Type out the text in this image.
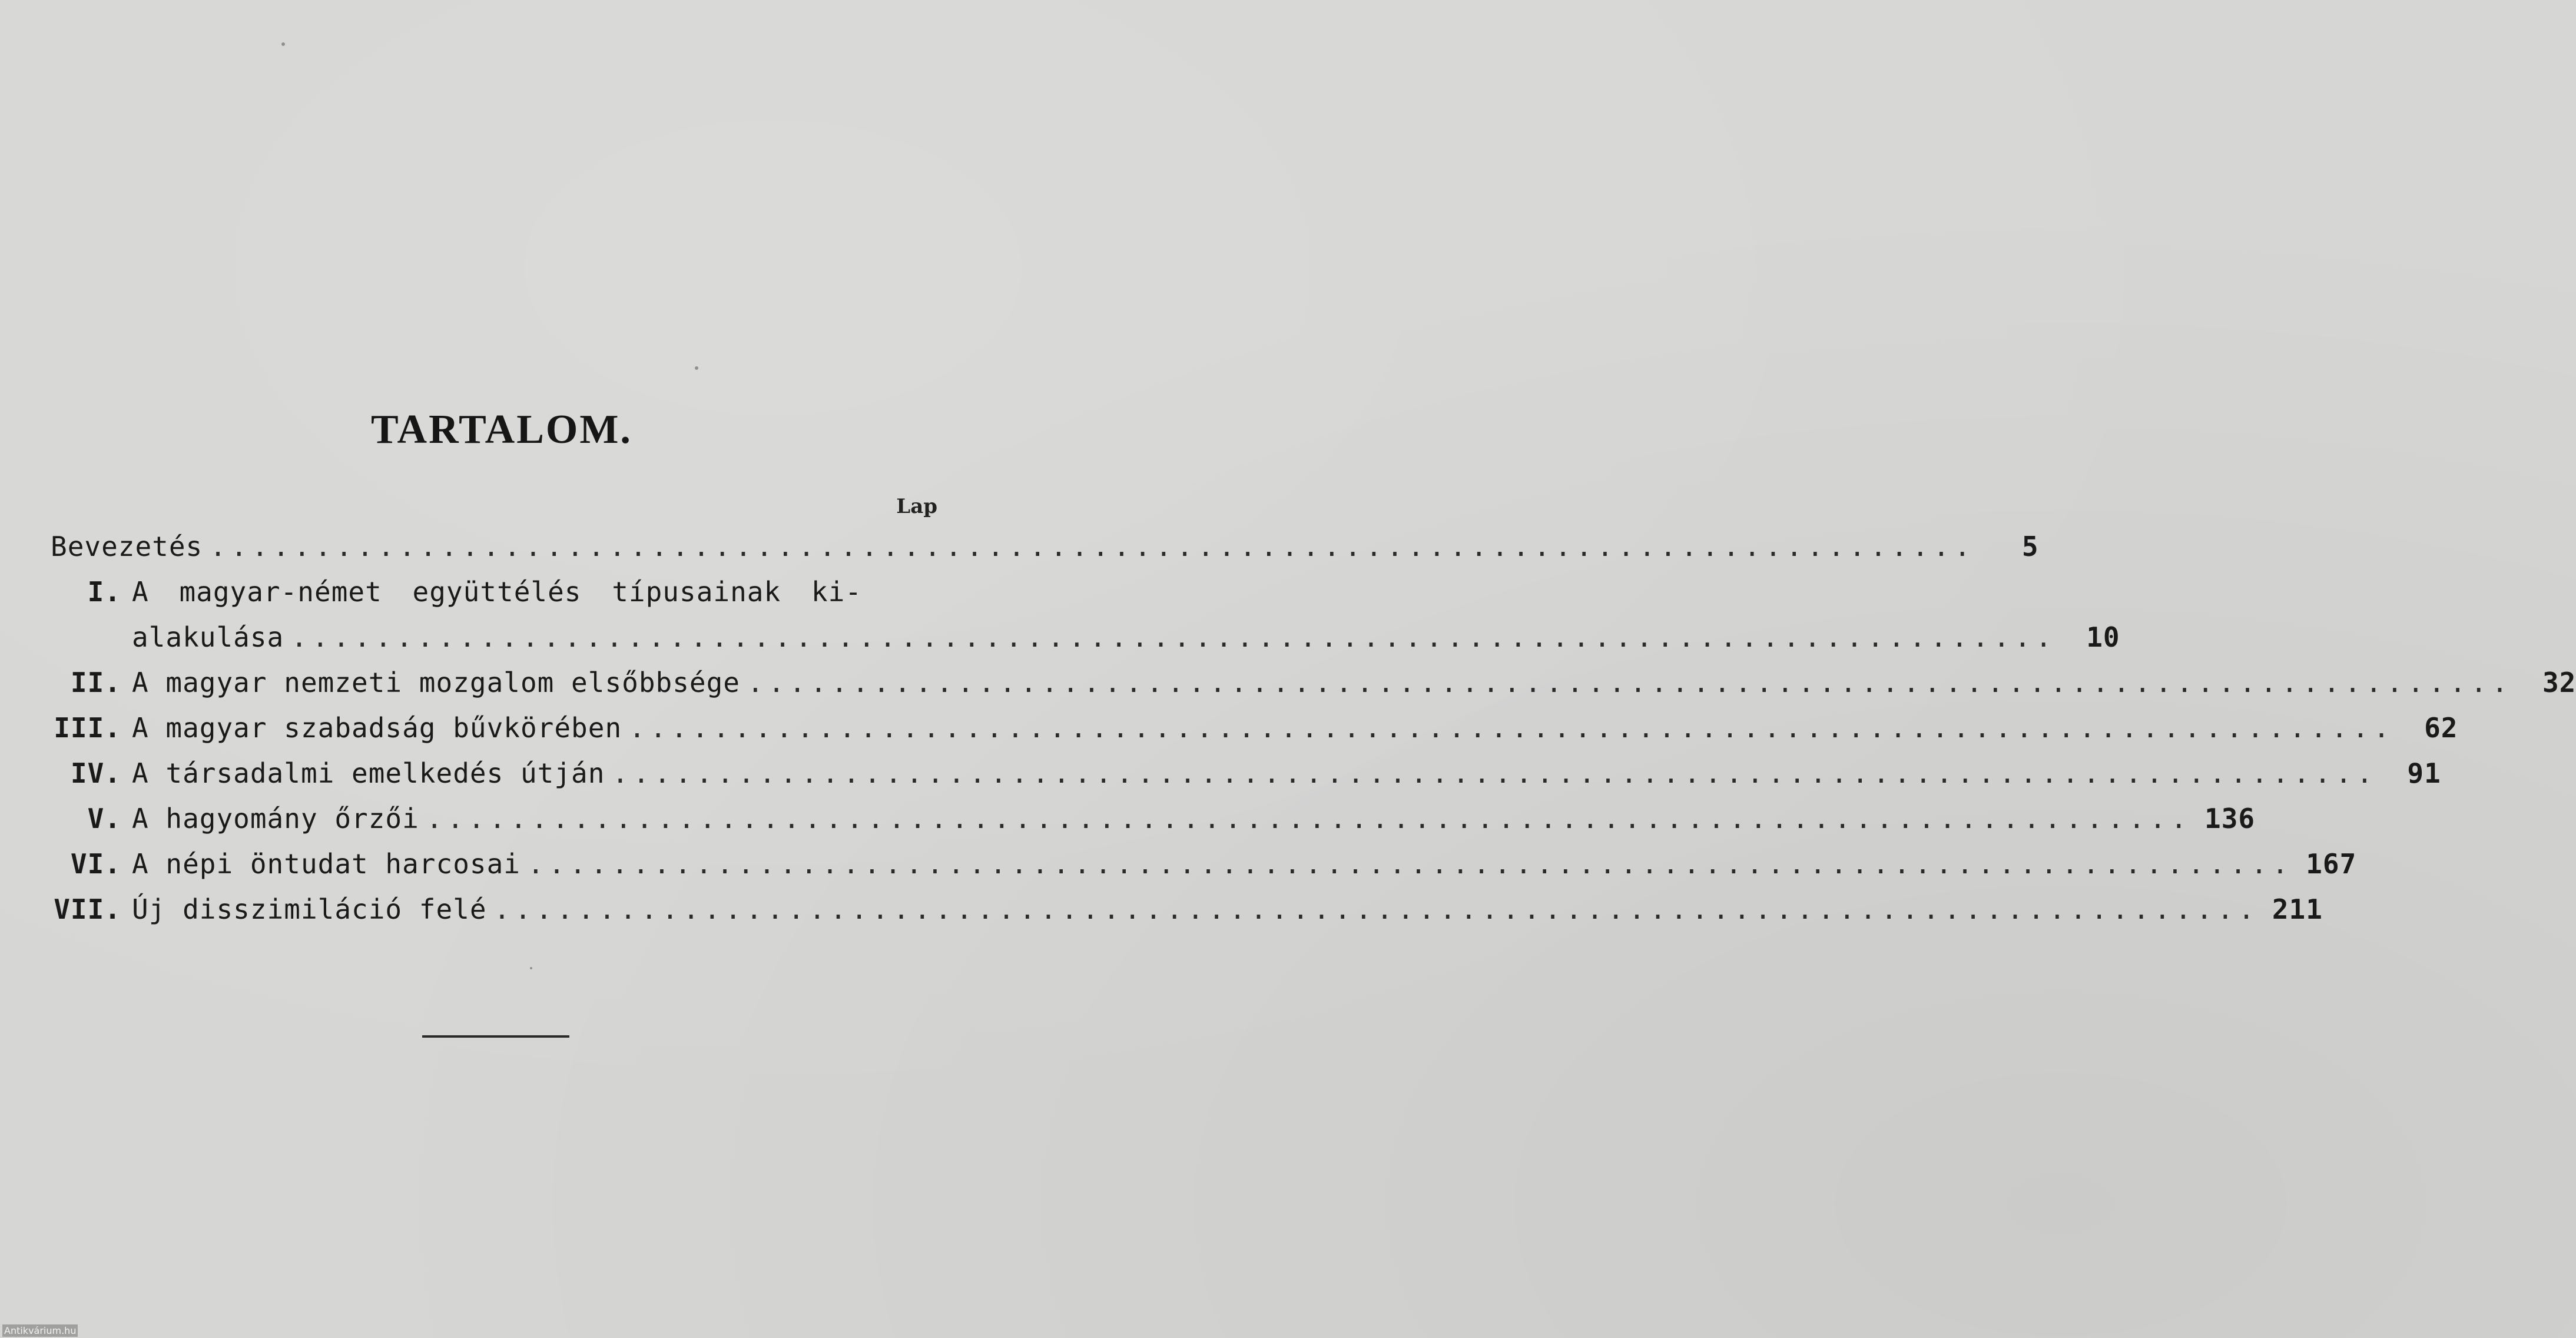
TARTALOM.
Lap
Bevezetés ....................................................................................	5
I. A magyar-német együttélés típusainak ki-
alakulása ....................................................................................	10
II. A magyar nemzeti mozgalom elsőbbsége ....................................................................................	32
III. A magyar szabadság bűvkörében ....................................................................................	62
IV. A társadalmi emelkedés útján ....................................................................................	91
V. A hagyomány őrzői .................................................................................... 136
VI. A népi öntudat harcosai .................................................................................... 167
VII. Új disszimiláció felé .................................................................................... 211
Antikvárium.hu
